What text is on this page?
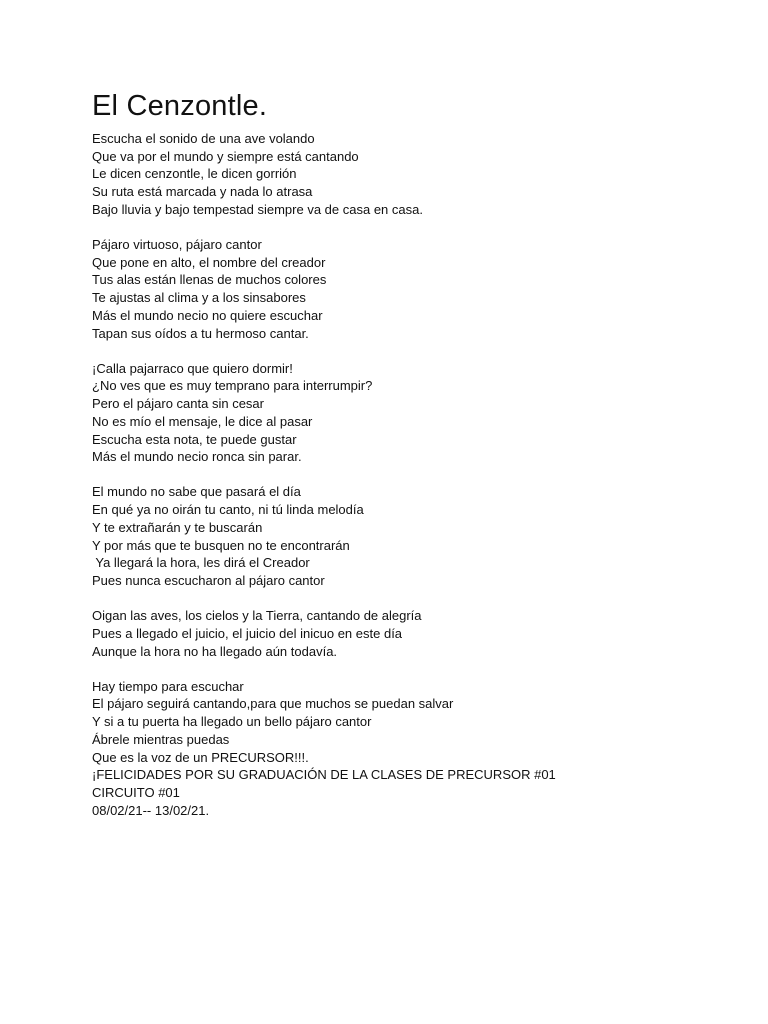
El Cenzontle.

Escucha el sonido de una ave volando

Que va por el mundo y siempre está cantando

Le dicen cenzontle, le dicen gorrión

Su ruta está marcada y nada lo atrasa

Bajo lluvia y bajo tempestad siempre va de casa en casa.

Pájaro virtuoso, pájaro cantor

Que pone en alto, el nombre del creador

Tus alas están llenas de muchos colores

Te ajustas al clima y a los sinsabores

Más el mundo necio no quiere escuchar

Tapan sus oídos a tu hermoso cantar.

¡Calla pajarraco que quiero dormir!

¿No ves que es muy temprano para interrumpir?

Pero el pájaro canta sin cesar

No es mío el mensaje, le dice al pasar

Escucha esta nota, te puede gustar

Más el mundo necio ronca sin parar.

El mundo no sabe que pasará el día

En qué ya no oirán tu canto, ni tú linda melodía

Y te extrañarán y te buscarán

Y por más que te busquen no te encontrarán

Ya llegará la hora, les dirá el Creador

Pues nunca escucharon al pájaro cantor

Oigan las aves, los cielos y la Tierra, cantando de alegría

Pues a llegado el juicio, el juicio del inicuo en este día

Aunque la hora no ha llegado aún todavía.

Hay tiempo para escuchar

El pájaro seguirá cantando,para que muchos se puedan salvar

Y si a tu puerta ha llegado un bello pájaro cantor

Ábrele mientras puedas

Que es la voz de un PRECURSOR!!!.

¡FELICIDADES POR SU GRADUACIÓN DE LA CLASES DE PRECURSOR #01

CIRCUITO #01

08/02/21-- 13/02/21.
